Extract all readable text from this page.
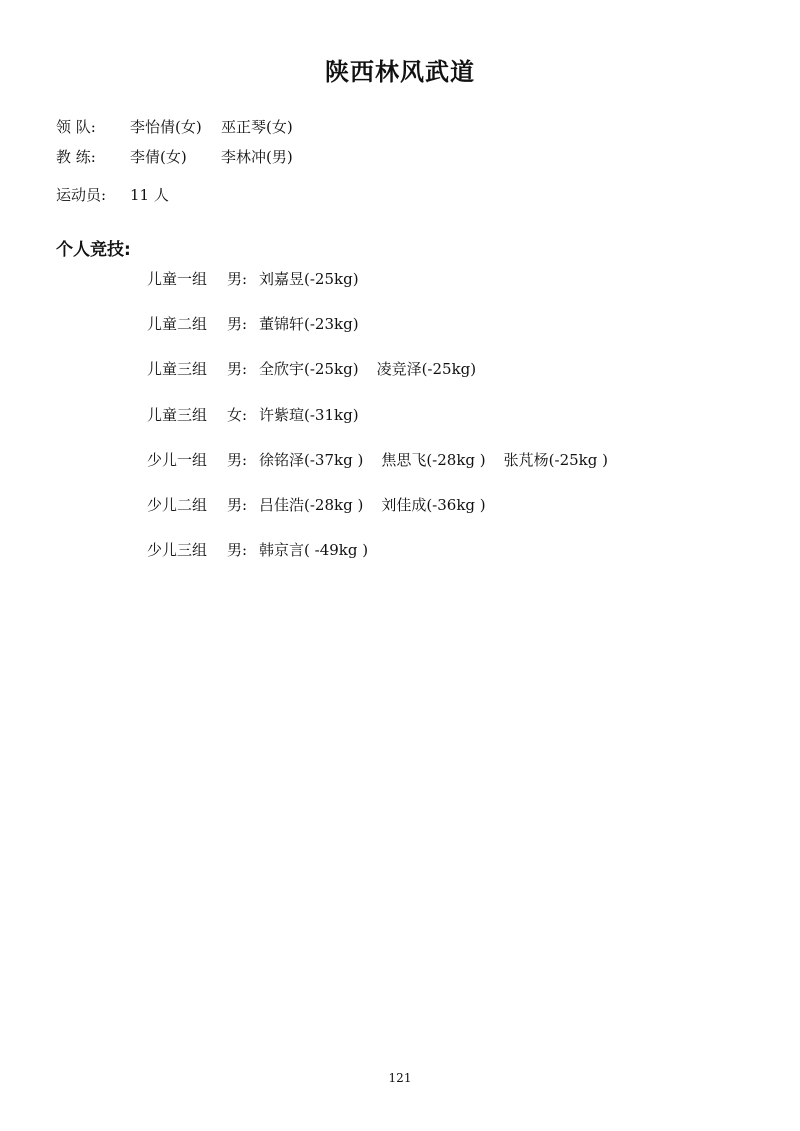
陕西林风武道
领 队: 李怡倩(女) 巫正琴(女)
教 练: 李倩(女) 李林冲(男)
运动员: 11 人
个人竞技:
儿童一组 男: 刘嘉昱(-25kg)
儿童二组 男: 董锦轩(-23kg)
儿童三组 男: 全欣宇(-25kg) 凌竞泽(-25kg)
儿童三组 女: 许紫瑄(-31kg)
少儿一组 男: 徐铭泽(-37kg ) 焦思飞(-28kg ) 张芃杨(-25kg )
少儿二组 男: 吕佳浩(-28kg ) 刘佳成(-36kg )
少儿三组 男: 韩京言( -49kg )
121
